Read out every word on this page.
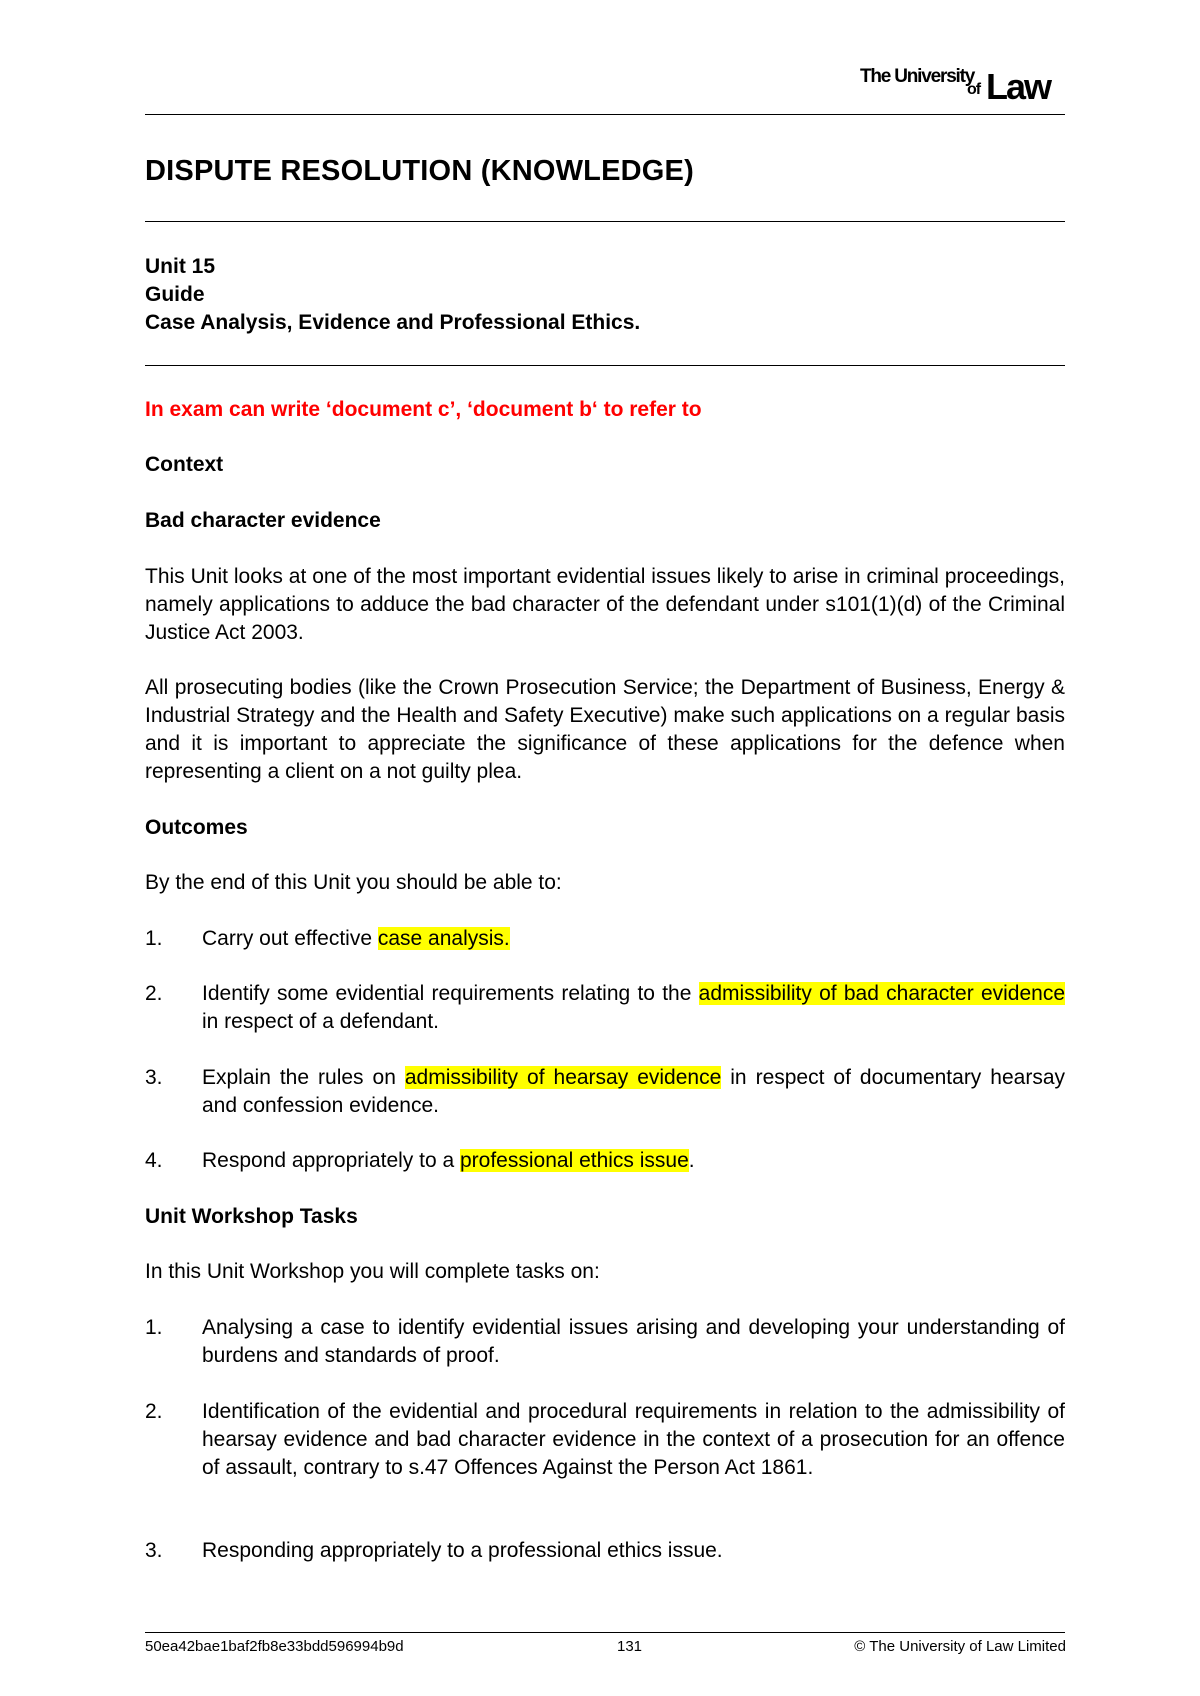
The University
of Law
DISPUTE RESOLUTION (KNOWLEDGE)
Unit 15
Guide
Case Analysis, Evidence and Professional Ethics.
In exam can write ‘document c’, ‘document b‘ to refer to
Context
Bad character evidence
This Unit looks at one of the most important evidential issues likely to arise in criminal proceedings, namely applications to adduce the bad character of the defendant under s101(1)(d) of the Criminal Justice Act 2003.
All prosecuting bodies (like the Crown Prosecution Service; the Department of Business, Energy & Industrial Strategy and the Health and Safety Executive) make such applications on a regular basis and it is important to appreciate the significance of these applications for the defence when representing a client on a not guilty plea.
Outcomes
By the end of this Unit you should be able to:
1. Carry out effective case analysis.
2. Identify some evidential requirements relating to the admissibility of bad character evidence in respect of a defendant.
3. Explain the rules on admissibility of hearsay evidence in respect of documentary hearsay and confession evidence.
4. Respond appropriately to a professional ethics issue.
Unit Workshop Tasks
In this Unit Workshop you will complete tasks on:
1. Analysing a case to identify evidential issues arising and developing your understanding of burdens and standards of proof.
2. Identification of the evidential and procedural requirements in relation to the admissibility of hearsay evidence and bad character evidence in the context of a prosecution for an offence of assault, contrary to s.47 Offences Against the Person Act 1861.
3. Responding appropriately to a professional ethics issue.
50ea42bae1baf2fb8e33bdd596994b9d	131	© The University of Law Limited
